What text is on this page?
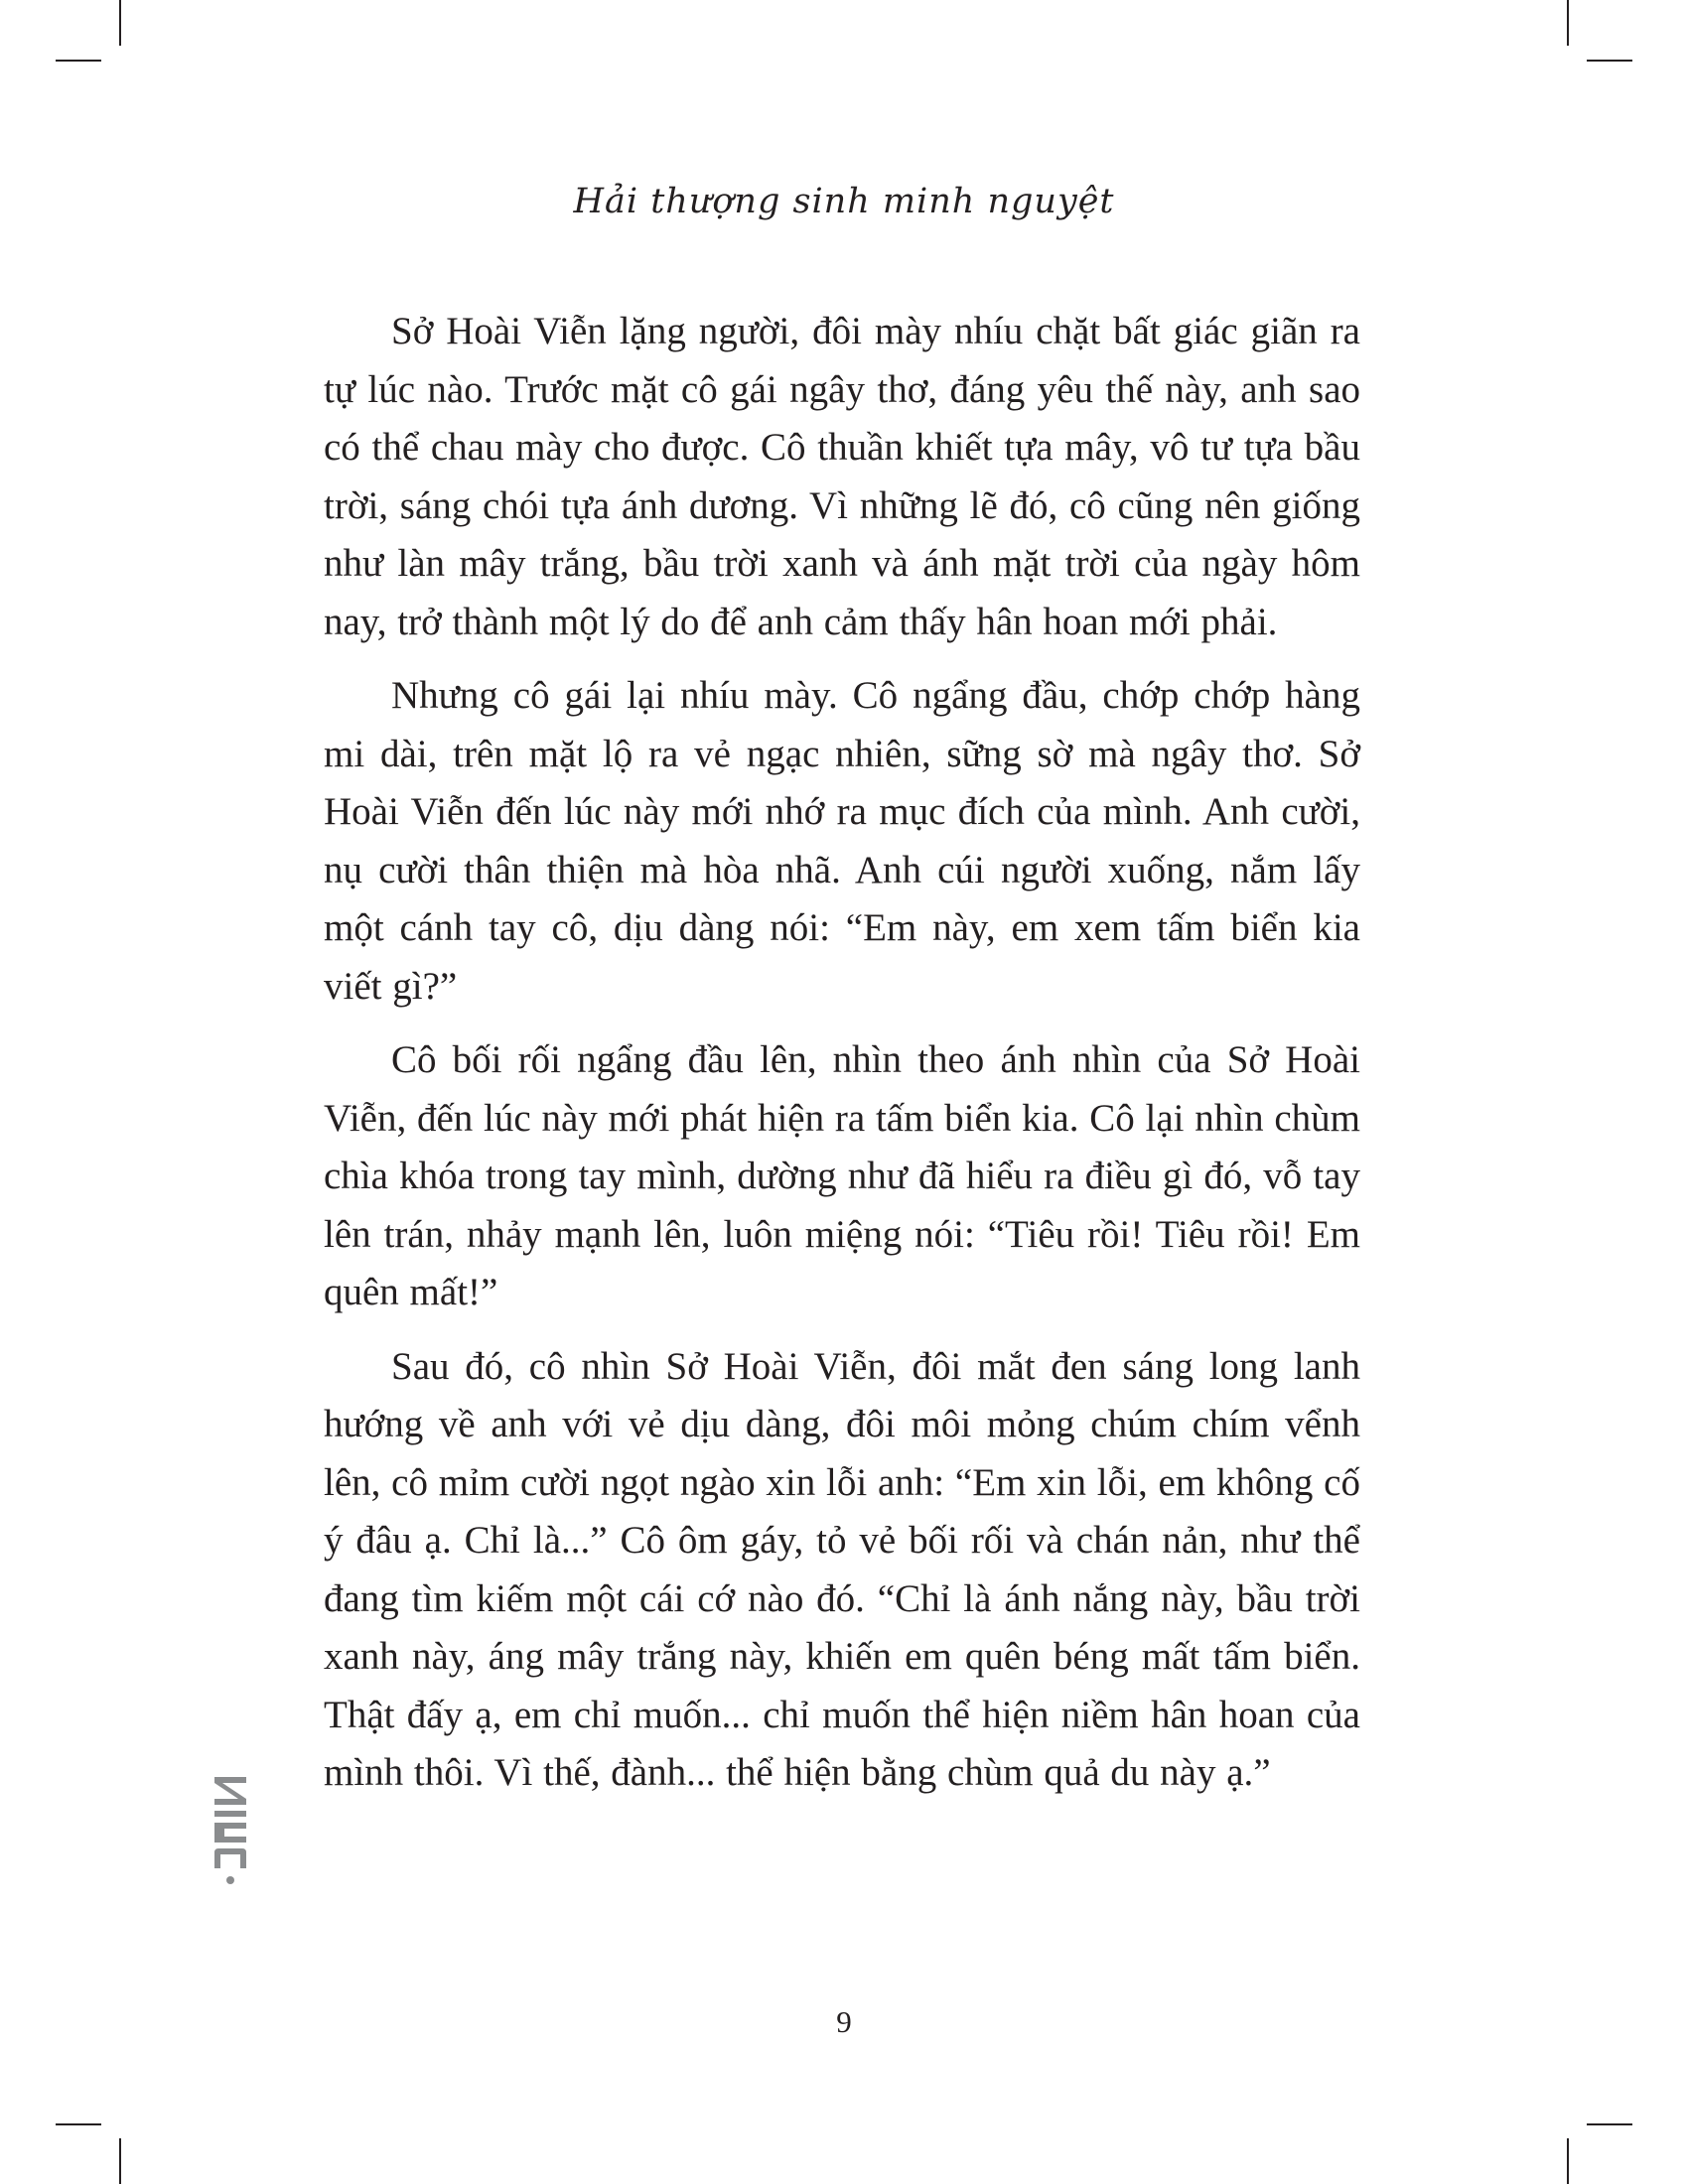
Hải thượng sinh minh nguyệt

Sở Hoài Viễn lặng người, đôi mày nhíu chặt bất giác giãn ra tự lúc nào. Trước mặt cô gái ngây thơ, đáng yêu thế này, anh sao có thể chau mày cho được. Cô thuần khiết tựa mây, vô tư tựa bầu trời, sáng chói tựa ánh dương. Vì những lẽ đó, cô cũng nên giống như làn mây trắng, bầu trời xanh và ánh mặt trời của ngày hôm nay, trở thành một lý do để anh cảm thấy hân hoan mới phải.

Nhưng cô gái lại nhíu mày. Cô ngẩng đầu, chớp chớp hàng mi dài, trên mặt lộ ra vẻ ngạc nhiên, sững sờ mà ngây thơ. Sở Hoài Viễn đến lúc này mới nhớ ra mục đích của mình. Anh cười, nụ cười thân thiện mà hòa nhã. Anh cúi người xuống, nắm lấy một cánh tay cô, dịu dàng nói: “Em này, em xem tấm biển kia viết gì?”

Cô bối rối ngẩng đầu lên, nhìn theo ánh nhìn của Sở Hoài Viễn, đến lúc này mới phát hiện ra tấm biển kia. Cô lại nhìn chùm chìa khóa trong tay mình, dường như đã hiểu ra điều gì đó, vỗ tay lên trán, nhảy mạnh lên, luôn miệng nói: “Tiêu rồi! Tiêu rồi! Em quên mất!”

Sau đó, cô nhìn Sở Hoài Viễn, đôi mắt đen sáng long lanh hướng về anh với vẻ dịu dàng, đôi môi mỏng chúm chím vểnh lên, cô mỉm cười ngọt ngào xin lỗi anh: “Em xin lỗi, em không cố ý đâu ạ. Chỉ là...” Cô ôm gáy, tỏ vẻ bối rối và chán nản, như thể đang tìm kiếm một cái cớ nào đó. “Chỉ là ánh nắng này, bầu trời xanh này, áng mây trắng này, khiến em quên béng mất tấm biển. Thật đấy ạ, em chỉ muốn... chỉ muốn thể hiện niềm hân hoan của mình thôi. Vì thế, đành... thể hiện bằng chùm quả du này ạ.”

9
